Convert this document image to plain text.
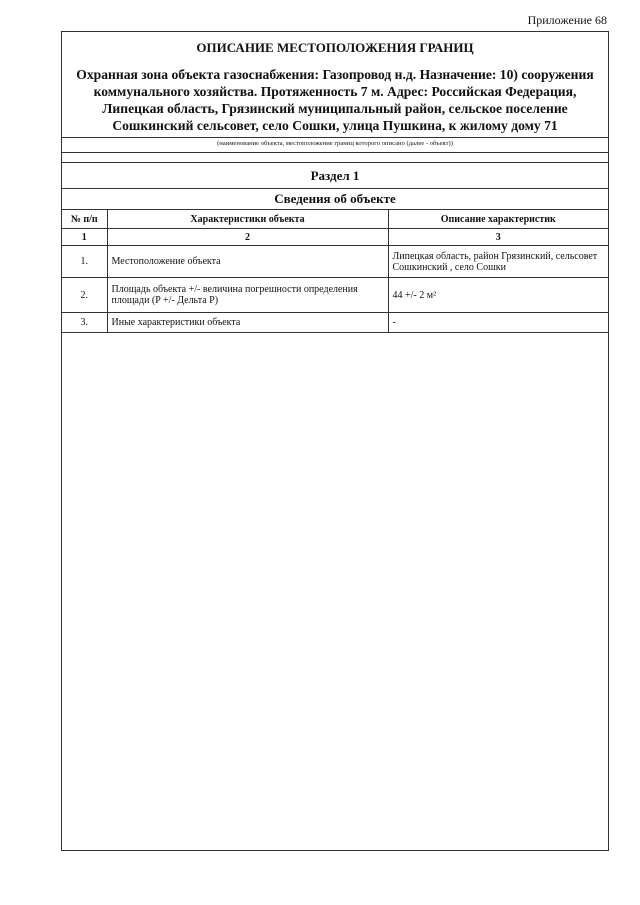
Приложение 68
ОПИСАНИЕ МЕСТОПОЛОЖЕНИЯ ГРАНИЦ
Охранная зона объекта газоснабжения: Газопровод н.д. Назначение: 10) сооружения коммунального хозяйства. Протяженность 7 м. Адрес: Российская Федерация, Липецкая область, Грязинский муниципальный район, сельское поселение Сошкинский сельсовет, село Сошки, улица Пушкина, к жилому дому 71
(наименование объекта, местоположение границ которого описано (далее - объект))
Раздел 1
Сведения об объекте
№ п/п	Характеристики объекта	Описание характеристик
1	2	3
1.	Местоположение объекта	Липецкая область, район Грязинский, сельсовет Сошкинский , село Сошки
2.	Площадь объекта +/- величина погрешности определения площади (P +/- Дельта P)	44 +/- 2 м²
3.	Иные характеристики объекта	-
